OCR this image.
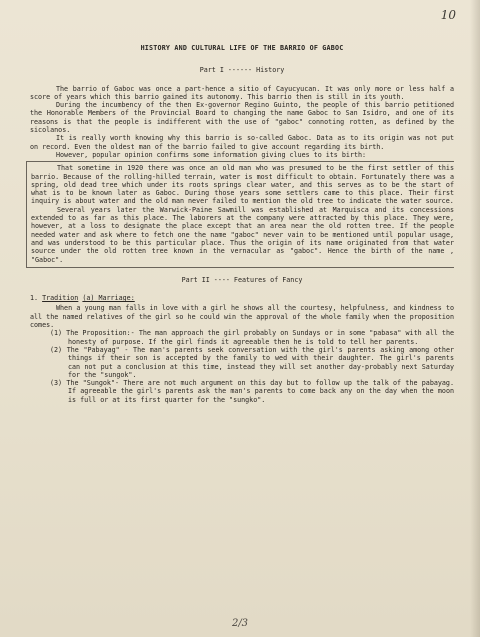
10
HISTORY AND CULTURAL LIFE OF THE BARRIO OF GABOC
Part I ------ History

The barrio of Gaboc was once a part-hence a sitio of Cayucyucan. It was only more or less half a score of years which this barrio gained its autonomy. This barrio then is still in its youth.

During the incumbency of the then Ex-governor Regino Guinto, the people of this barrio petitioned the Honorable Members of the Provincial Board to changing the name Gaboc to San Isidro, and one of its reasons is that the people is indifferent with the use of "gaboc" connoting rotten, as defined by the sicolanos.

It is really worth knowing why this barrio is so-called Gaboc. Data as to its origin was not put on record. Even the oldest man of the barrio failed to give account regarding its birth.

However, popular opinion confirms some information giving clues to its birth:

That sometime in 1920 there was once an old man who was presumed to be the first settler of this barrio. Because of the rolling-hilled terrain, water is most difficult to obtain. Fortunately there was a spring, old dead tree which under its roots springs clear water, and this serves as to be the start of what is to be known later as Gaboc. During those years some settlers came to this place. Their first inquiry is about water and the old man never failed to mention the old tree to indicate the water source.

Several years later the Warwick-Paine Sawmill was established at Marquisca and its concessions extended to as far as this place. The laborers at the company were attracted by this place. They were, however, at a loss to designate the place except that an area near the old rotten tree. If the people needed water and ask where to fetch one the name "gaboc" never vain to be mentioned until popular usage, and was understood to be this particular place. Thus the origin of its name originated from that water source under the old rotten tree known in the vernacular as "gaboc". Hence the birth of the name , "Gaboc".

Part II ---- Features of Fancy
1. Tradition (a) Marriage:

When a young man falls in love with a girl he shows all the courtesy, helpfulness, and kindness to all the named relatives of the girl so he could win the approval of the whole family when the proposition comes.

(1) The Proposition:- The man approach the girl probably on Sundays or in some "pabasa" with all the honesty of purpose. If the girl finds it agreeable then he is told to tell her parents.

(2) The "Pabayag" - The man's parents seek conversation with the girl's parents asking among other things if their son is accepted by the family to wed with their daughter. The girl's parents can not put a conclusion at this time, instead they will set another day-probably next Saturday for the "sungok".

(3) The "Sungok"- There are not much argument on this day but to follow up the talk of the pabayag. If agreeable the girl's parents ask the man's parents to come back any on the day when the moon is full or at its first quarter for the "sungko".

2/3
